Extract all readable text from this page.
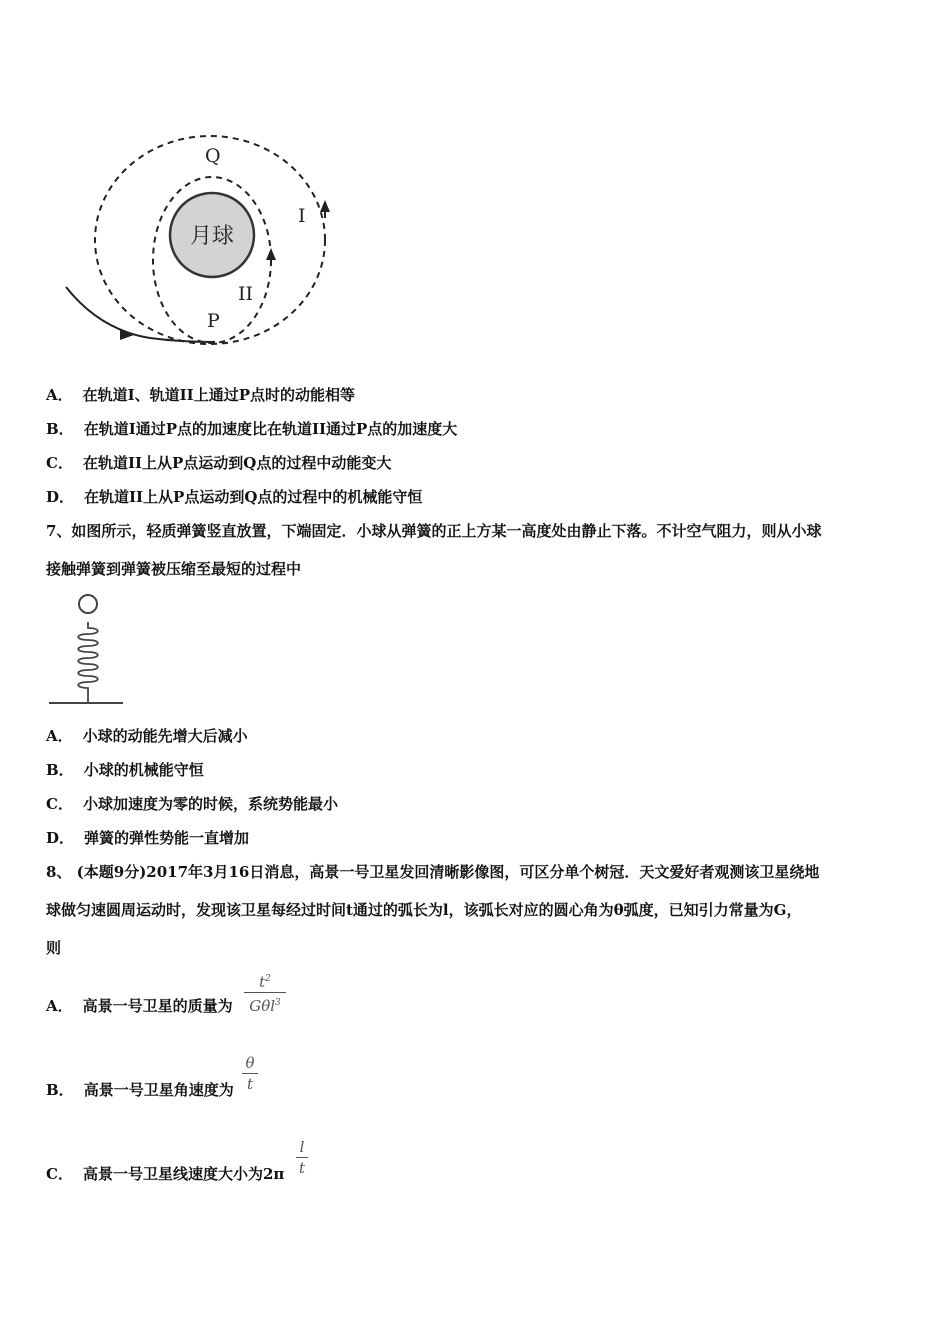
月球
Q
I
II
P
A． 在轨道I、轨道II上通过P点时的动能相等
B． 在轨道I通过P点的加速度比在轨道II通过P点的加速度大
C． 在轨道II上从P点运动到Q点的过程中动能变大
D． 在轨道II上从P点运动到Q点的过程中的机械能守恒
7、如图所示，轻质弹簧竖直放置，下端固定．小球从弹簧的正上方某一高度处由静止下落。不计空气阻力，则从小球
接触弹簧到弹簧被压缩至最短的过程中
A． 小球的动能先增大后减小
B． 小球的机械能守恒
C． 小球加速度为零的时候，系统势能最小
D． 弹簧的弹性势能一直增加
8、 (本题9分)2017年3月16日消息，高景一号卫星发回清晰影像图，可区分单个树冠．天文爱好者观测该卫星绕地
球做匀速圆周运动时，发现该卫星每经过时间t通过的弧长为l，该弧长对应的圆心角为θ弧度，已知引力常量为G，
则
A． 高景一号卫星的质量为
$t^2$
Gθl$^3$
B． 高景一号卫星角速度为
θ
t
C． 高景一号卫星线速度大小为2π
l
t
